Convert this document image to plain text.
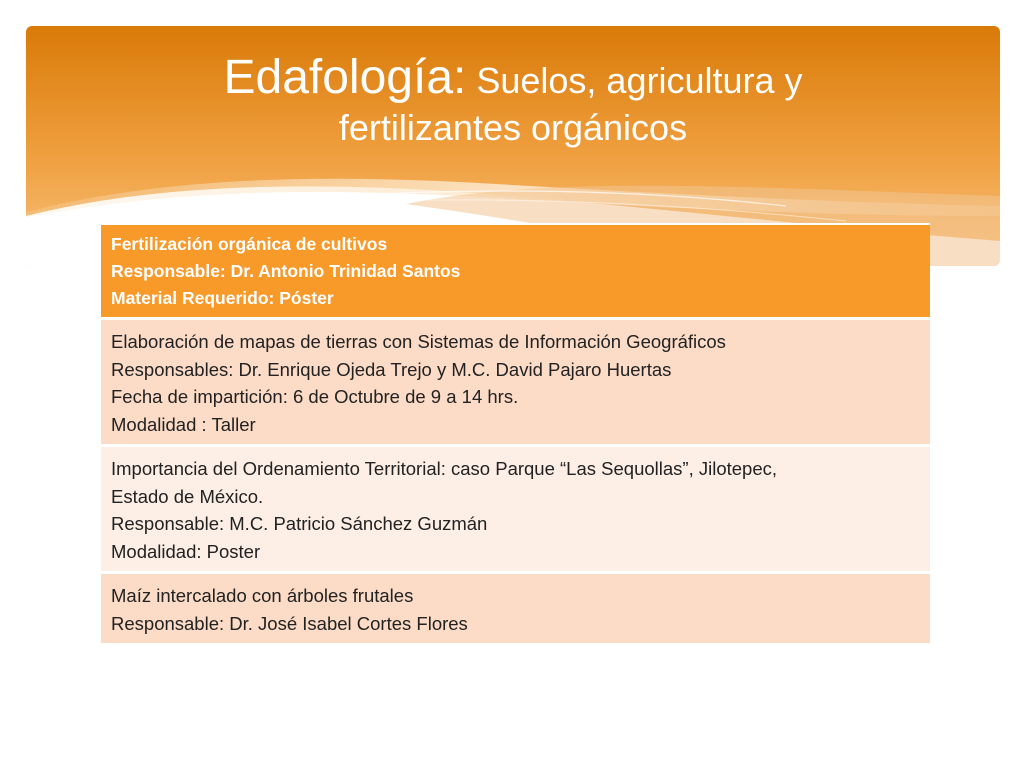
Edafología: Suelos, agricultura y
fertilizantes orgánicos
Fertilización orgánica de cultivos
Responsable: Dr. Antonio Trinidad Santos
Material Requerido: Póster
Elaboración de mapas de tierras con Sistemas de Información Geográficos
Responsables: Dr. Enrique Ojeda Trejo y M.C. David Pajaro Huertas
Fecha de impartición: 6 de Octubre de 9 a 14 hrs.
Modalidad : Taller
Importancia del Ordenamiento Territorial: caso Parque “Las Sequollas”, Jilotepec,
Estado de México.
Responsable: M.C. Patricio Sánchez Guzmán
Modalidad: Poster
Maíz intercalado con árboles frutales
Responsable: Dr. José Isabel Cortes Flores
